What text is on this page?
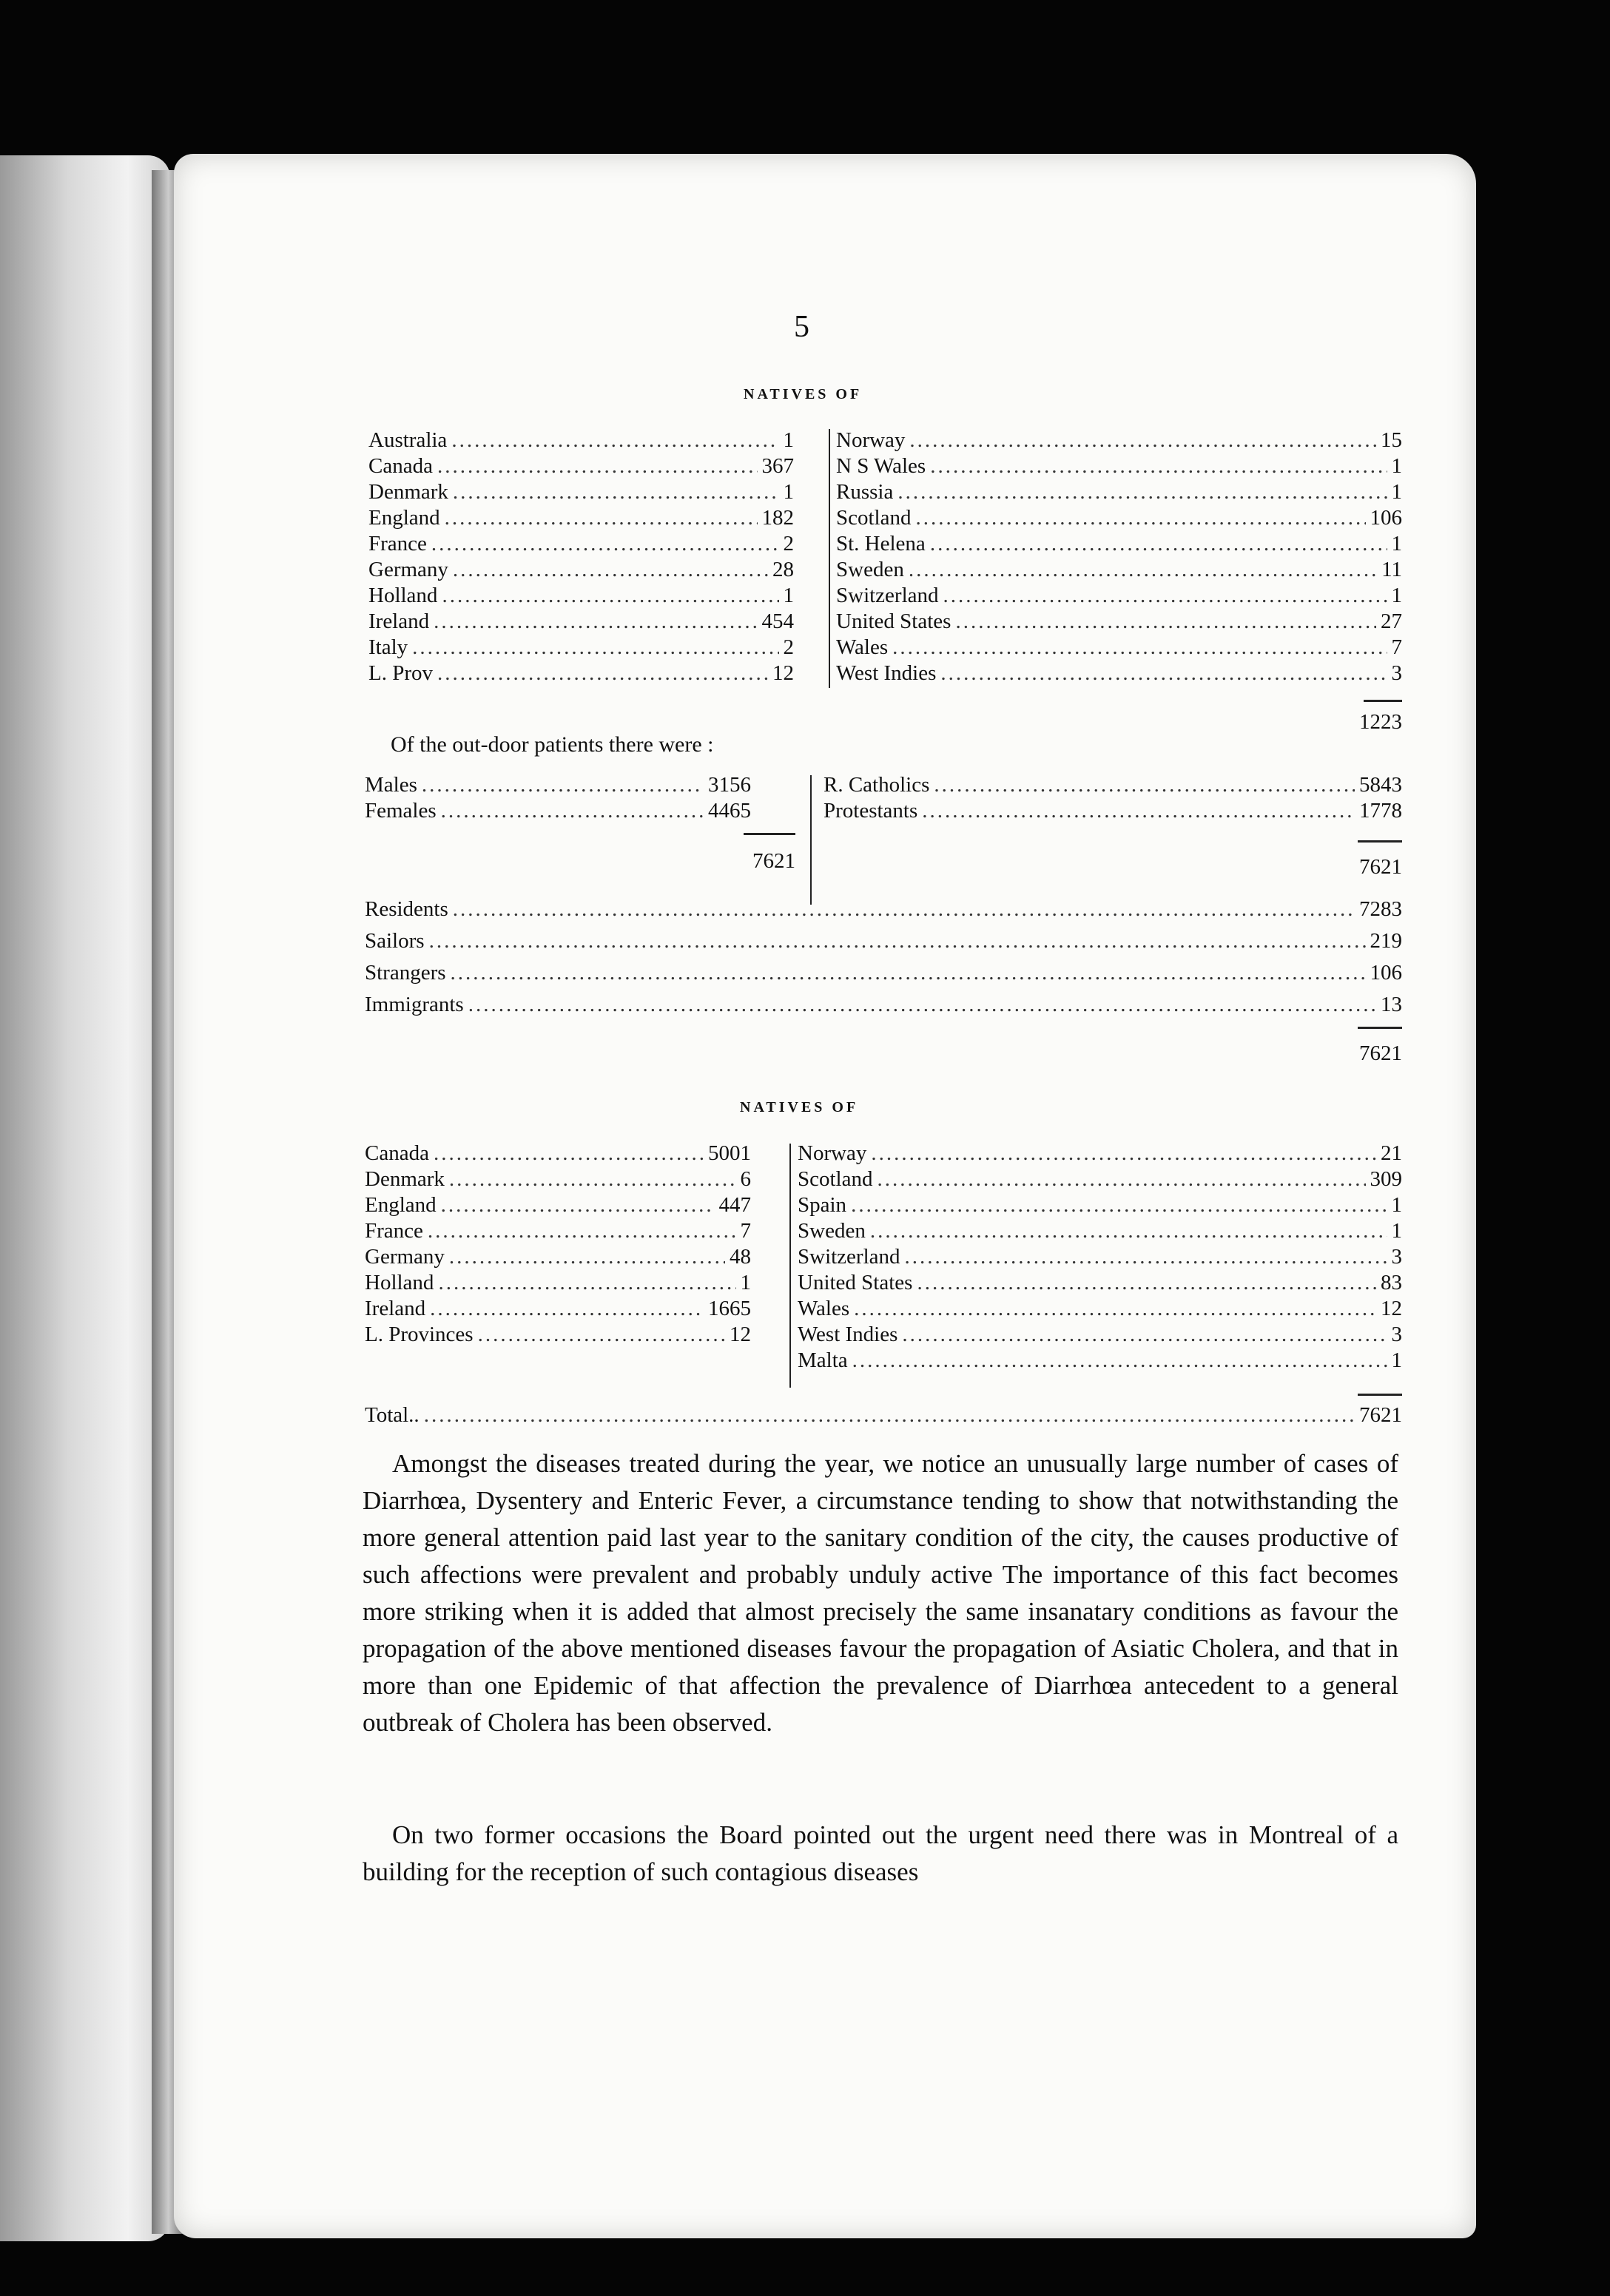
5
NATIVES OF
Australia .....	1
Canada .....	367
Denmark .....	1
England .....	182
France .....	2
Germany .....	28
Holland .....	1
Ireland .....	454
Italy .....	2
L. Prov .....	12
Norway .....	15
N S Wales .....	1
Russia .....	1
Scotland .....	106
St. Helena .....	1
Sweden .....	11
Switzerland .....	1
United States .....	27
Wales .....	7
West Indies .....	3
1223
Of the out-door patients there were :
Males .....	3156
Females .....	4465
R. Catholics .....	5843
Protestants .....	1778
7621	7621
Residents .....	7283
Sailors .....	219
Strangers .....	106
Immigrants .....	13
7621
NATIVES OF
Canada .....	5001
Denmark .....	6
England .....	447
France .....	7
Germany .....	48
Holland .....	1
Ireland .....	1665
L. Provinces .....	12
Norway .....	21
Scotland .....	309
Spain .....	1
Sweden .....	1
Switzerland .....	3
United States .....	83
Wales .....	12
West Indies .....	3
Malta .....	1
Total.. .....	7621

Amongst the diseases treated during the year, we notice an unusually large number of cases of Diarrhœa, Dysentery and Enteric Fever, a circumstance tending to show that notwithstanding the more general attention paid last year to the sanitary condition of the city, the causes productive of such affections were prevalent and probably unduly active The importance of this fact becomes more striking when it is added that almost precisely the same insanatary conditions as favour the propagation of the above mentioned diseases favour the propagation of Asiatic Cholera, and that in more than one Epidemic of that affection the prevalence of Diarrhœa antecedent to a general outbreak of Cholera has been observed.

On two former occasions the Board pointed out the urgent need there was in Montreal of a building for the reception of such contagious diseases
